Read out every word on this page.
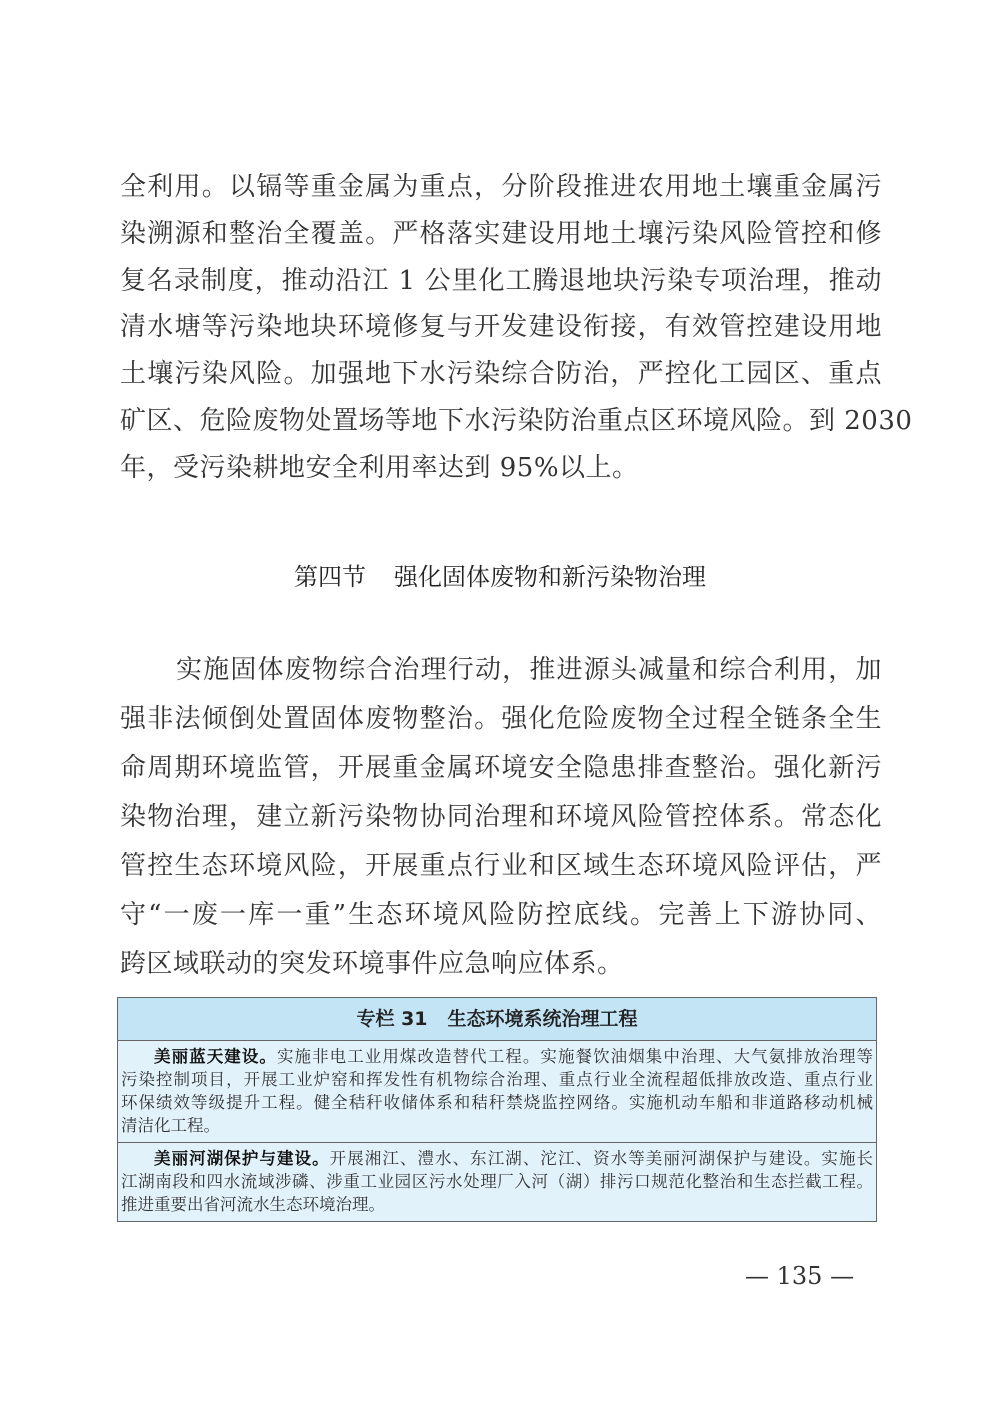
全利用。以镉等重金属为重点，分阶段推进农用地土壤重金属污
染溯源和整治全覆盖。严格落实建设用地土壤污染风险管控和修
复名录制度，推动沿江 1 公里化工腾退地块污染专项治理，推动
清水塘等污染地块环境修复与开发建设衔接，有效管控建设用地
土壤污染风险。加强地下水污染综合防治，严控化工园区、重点
矿区、危险废物处置场等地下水污染防治重点区环境风险。到 2030
年，受污染耕地安全利用率达到 95%以上。
第四节 强化固体废物和新污染物治理
实施固体废物综合治理行动，推进源头减量和综合利用，加
强非法倾倒处置固体废物整治。强化危险废物全过程全链条全生
命周期环境监管，开展重金属环境安全隐患排查整治。强化新污
染物治理，建立新污染物协同治理和环境风险管控体系。常态化
管控生态环境风险，开展重点行业和区域生态环境风险评估，严
守“一废一库一重”生态环境风险防控底线。完善上下游协同、
跨区域联动的突发环境事件应急响应体系。
专栏 31 生态环境系统治理工程
美丽蓝天建设。实施非电工业用煤改造替代工程。实施餐饮油烟集中治理、大气氨排放治理等
污染控制项目，开展工业炉窑和挥发性有机物综合治理、重点行业全流程超低排放改造、重点行业
环保绩效等级提升工程。健全秸秆收储体系和秸秆禁烧监控网络。实施机动车船和非道路移动机械
清洁化工程。
美丽河湖保护与建设。开展湘江、澧水、东江湖、沱江、资水等美丽河湖保护与建设。实施长
江湖南段和四水流域涉磷、涉重工业园区污水处理厂入河（湖）排污口规范化整治和生态拦截工程。
推进重要出省河流水生态环境治理。
— 135 —
